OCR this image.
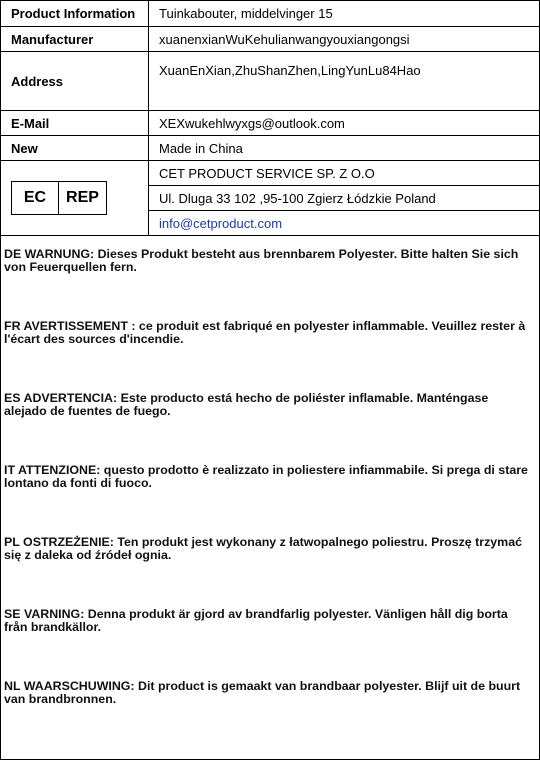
Product Information	Tuinkabouter, middelvinger 15
Manufacturer	xuanenxianWuKehulianwangyouxiangongsi
Address	XuanEnXian,ZhuShanZhen,LingYunLu84Hao
E-Mail	XEXwukehlwyxgs@outlook.com
New	Made in China

EC REP	CET PRODUCT SERVICE SP. Z O.O
	Ul. Dluga 33 102 ,95-100 Zgierz Łódzkie Poland
	info@cetproduct.com
DE WARNUNG: Dieses Produkt besteht aus brennbarem Polyester. Bitte halten Sie sich von Feuerquellen fern.
FR AVERTISSEMENT : ce produit est fabriqué en polyester inflammable. Veuillez rester à l'écart des sources d'incendie.
ES ADVERTENCIA: Este producto está hecho de poliéster inflamable. Manténgase alejado de fuentes de fuego.
IT ATTENZIONE: questo prodotto è realizzato in poliestere infiammabile. Si prega di stare lontano da fonti di fuoco.
PL OSTRZEŻENIE: Ten produkt jest wykonany z łatwopalnego poliestru. Proszę trzymać się z daleka od źródeł ognia.
SE VARNING: Denna produkt är gjord av brandfarlig polyester. Vänligen håll dig borta från brandkällor.
NL WAARSCHUWING: Dit product is gemaakt van brandbaar polyester. Blijf uit de buurt van brandbronnen.
